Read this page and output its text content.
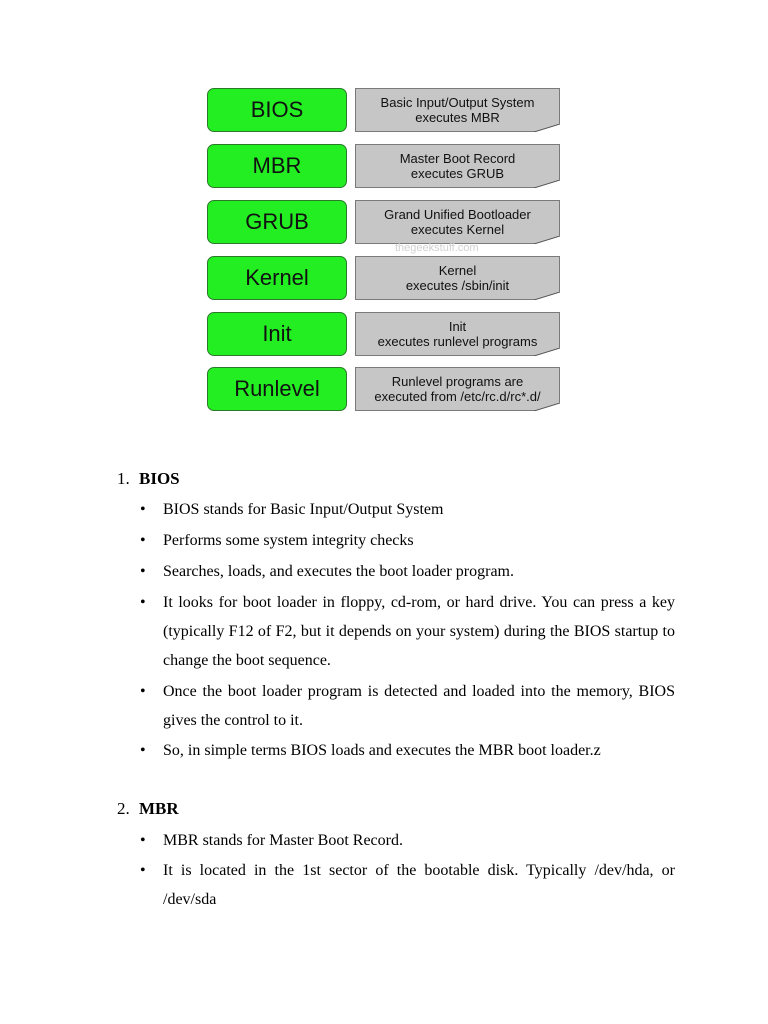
BIOS	Basic Input/Output System
executes MBR
MBR	Master Boot Record
executes GRUB
GRUB	Grand Unified Bootloader
executes Kernel
thegeekstuff.com
Kernel	Kernel
executes /sbin/init
Init	Init
executes runlevel programs
Runlevel	Runlevel programs are
executed from /etc/rc.d/rc*.d/
1. BIOS
• BIOS stands for Basic Input/Output System
• Performs some system integrity checks
• Searches, loads, and executes the boot loader program.
• It looks for boot loader in floppy, cd-rom, or hard drive. You can press a key (typically F12 of F2, but it depends on your system) during the BIOS startup to change the boot sequence.
• Once the boot loader program is detected and loaded into the memory, BIOS gives the control to it.
• So, in simple terms BIOS loads and executes the MBR boot loader.z
2. MBR
• MBR stands for Master Boot Record.
• It is located in the 1st sector of the bootable disk. Typically /dev/hda, or /dev/sda
